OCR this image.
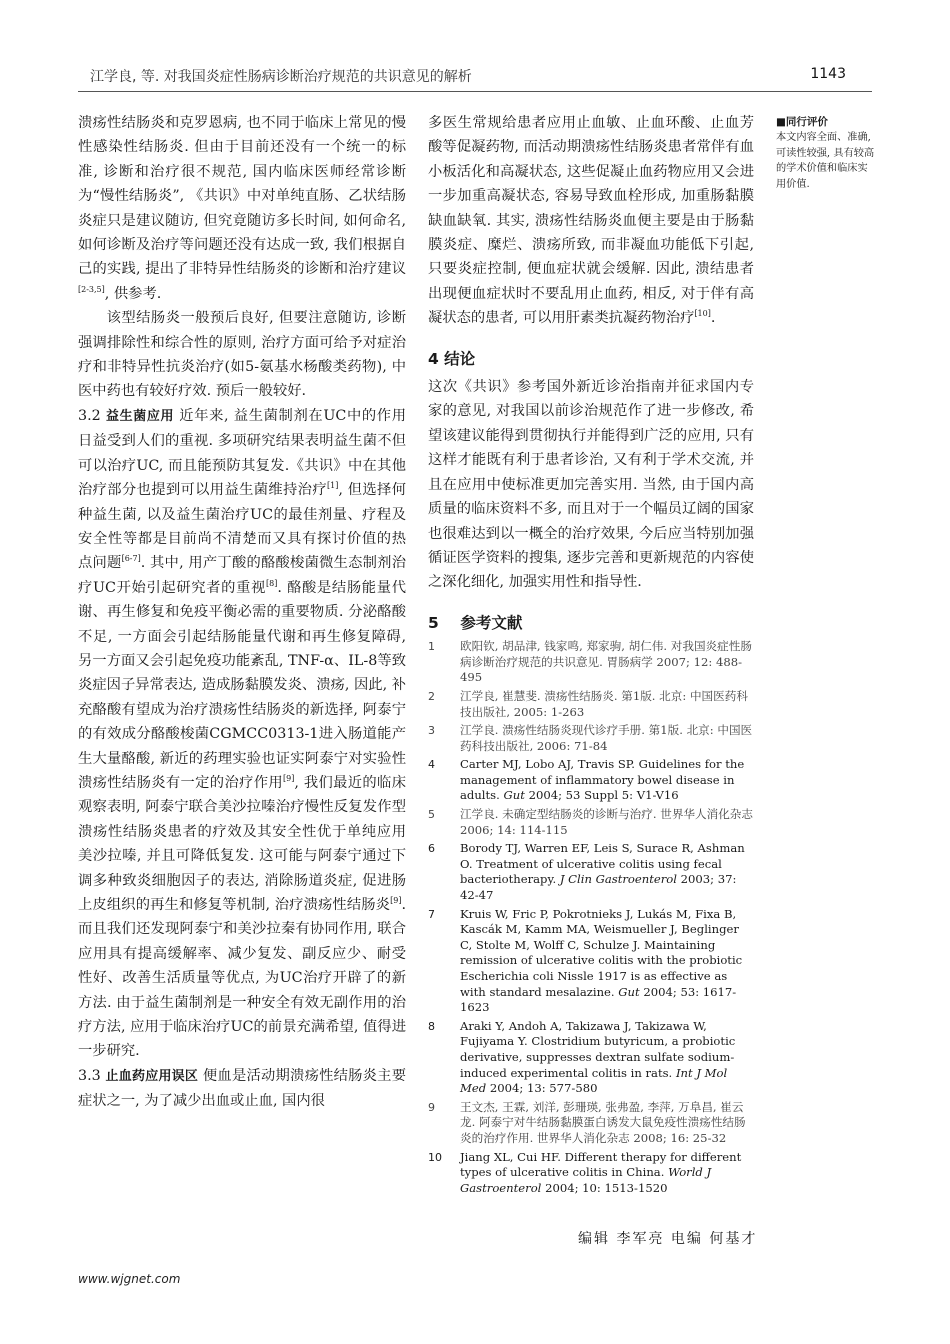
江学良, 等. 对我国炎症性肠病诊断治疗规范的共识意见的解析	1143

溃疡性结肠炎和克罗恩病, 也不同于临床上常见的慢性感染性结肠炎. 但由于目前还没有一个统一的标准, 诊断和治疗很不规范, 国内临床医师经常诊断为“慢性结肠炎”, 《共识》中对单纯直肠、乙状结肠炎症只是建议随访, 但究竟随访多长时间, 如何命名, 如何诊断及治疗等问题还没有达成一致, 我们根据自己的实践, 提出了非特异性结肠炎的诊断和治疗建议[2-3,5], 供参考.

该型结肠炎一般预后良好, 但要注意随访, 诊断强调排除性和综合性的原则, 治疗方面可给予对症治疗和非特异性抗炎治疗(如5-氨基水杨酸类药物), 中医中药也有较好疗效. 预后一般较好.

3.2 益生菌应用 近年来, 益生菌制剂在UC中的作用日益受到人们的重视. 多项研究结果表明益生菌不但可以治疗UC, 而且能预防其复发.《共识》中在其他治疗部分也提到可以用益生菌维持治疗[1], 但选择何种益生菌, 以及益生菌治疗UC的最佳剂量、疗程及安全性等都是目前尚不清楚而又具有探讨价值的热点问题[6-7]. 其中, 用产丁酸的酪酸梭菌微生态制剂治疗UC开始引起研究者的重视[8]. 酪酸是结肠能量代谢、再生修复和免疫平衡必需的重要物质. 分泌酪酸不足, 一方面会引起结肠能量代谢和再生修复障碍, 另一方面又会引起免疫功能紊乱, TNF-α、IL-8等致炎症因子异常表达, 造成肠黏膜发炎、溃疡, 因此, 补充酪酸有望成为治疗溃疡性结肠炎的新选择, 阿泰宁的有效成分酪酸梭菌CGMCC0313-1进入肠道能产生大量酪酸, 新近的药理实验也证实阿泰宁对实验性溃疡性结肠炎有一定的治疗作用[9], 我们最近的临床观察表明, 阿泰宁联合美沙拉嗪治疗慢性反复发作型溃疡性结肠炎患者的疗效及其安全性优于单纯应用美沙拉嗪, 并且可降低复发. 这可能与阿泰宁通过下调多种致炎细胞因子的表达, 消除肠道炎症, 促进肠上皮组织的再生和修复等机制, 治疗溃疡性结肠炎[9]. 而且我们还发现阿泰宁和美沙拉秦有协同作用, 联合应用具有提高缓解率、减少复发、副反应少、耐受性好、改善生活质量等优点, 为UC治疗开辟了的新方法. 由于益生菌制剂是一种安全有效无副作用的治疗方法, 应用于临床治疗UC的前景充满希望, 值得进一步研究.

3.3 止血药应用误区 便血是活动期溃疡性结肠炎主要症状之一, 为了减少出血或止血, 国内很

多医生常规给患者应用止血敏、止血环酸、止血芳酸等促凝药物, 而活动期溃疡性结肠炎患者常伴有血小板活化和高凝状态, 这些促凝止血药物应用又会进一步加重高凝状态, 容易导致血栓形成, 加重肠黏膜缺血缺氧. 其实, 溃疡性结肠炎血便主要是由于肠黏膜炎症、糜烂、溃疡所致, 而非凝血功能低下引起, 只要炎症控制, 便血症状就会缓解. 因此, 溃结患者出现便血症状时不要乱用止血药, 相反, 对于伴有高凝状态的患者, 可以用肝素类抗凝药物治疗[10].

4 结论

这次《共识》参考国外新近诊治指南并征求国内专家的意见, 对我国以前诊治规范作了进一步修改, 希望该建议能得到贯彻执行并能得到广泛的应用, 只有这样才能既有利于患者诊治, 又有利于学术交流, 并且在应用中使标准更加完善实用. 当然, 由于国内高质量的临床资料不多, 而且对于一个幅员辽阔的国家也很难达到以一概全的治疗效果, 今后应当特别加强循证医学资料的搜集, 逐步完善和更新规范的内容使之深化细化, 加强实用性和指导性.

5 参考文献
1 欧阳钦, 胡品津, 钱家鸣, 郑家驹, 胡仁伟. 对我国炎症性肠病诊断治疗规范的共识意见. 胃肠病学 2007; 12: 488-495
2 江学良, 崔慧斐. 溃疡性结肠炎. 第1版. 北京: 中国医药科技出版社, 2005: 1-263
3 江学良. 溃疡性结肠炎现代诊疗手册. 第1版. 北京: 中国医药科技出版社, 2006: 71-84
4 Carter MJ, Lobo AJ, Travis SP. Guidelines for the management of inflammatory bowel disease in adults. Gut 2004; 53 Suppl 5: V1-V16
5 江学良. 未确定型结肠炎的诊断与治疗. 世界华人消化杂志 2006; 14: 114-115
6 Borody TJ, Warren EF, Leis S, Surace R, Ashman O. Treatment of ulcerative colitis using fecal bacteriotherapy. J Clin Gastroenterol 2003; 37: 42-47
7 Kruis W, Fric P, Pokrotnieks J, Lukás M, Fixa B, Kascák M, Kamm MA, Weismueller J, Beglinger C, Stolte M, Wolff C, Schulze J. Maintaining remission of ulcerative colitis with the probiotic Escherichia coli Nissle 1917 is as effective as with standard mesalazine. Gut 2004; 53: 1617-1623
8 Araki Y, Andoh A, Takizawa J, Takizawa W, Fujiyama Y. Clostridium butyricum, a probiotic derivative, suppresses dextran sulfate sodium-induced experimental colitis in rats. Int J Mol Med 2004; 13: 577-580
9 王文杰, 王霖, 刘洋, 彭珊瑛, 张弗盈, 李萍, 万阜昌, 崔云龙. 阿泰宁对牛结肠黏膜蛋白诱发大鼠免疫性溃疡性结肠炎的治疗作用. 世界华人消化杂志 2008; 16: 25-32
10 Jiang XL, Cui HF. Different therapy for different types of ulcerative colitis in China. World J Gastroenterol 2004; 10: 1513-1520
编辑 李军亮 电编 何基才
■同行评价
本文内容全面、准确, 可读性较强, 具有较高的学术价值和临床实用价值.
www.wjgnet.com
